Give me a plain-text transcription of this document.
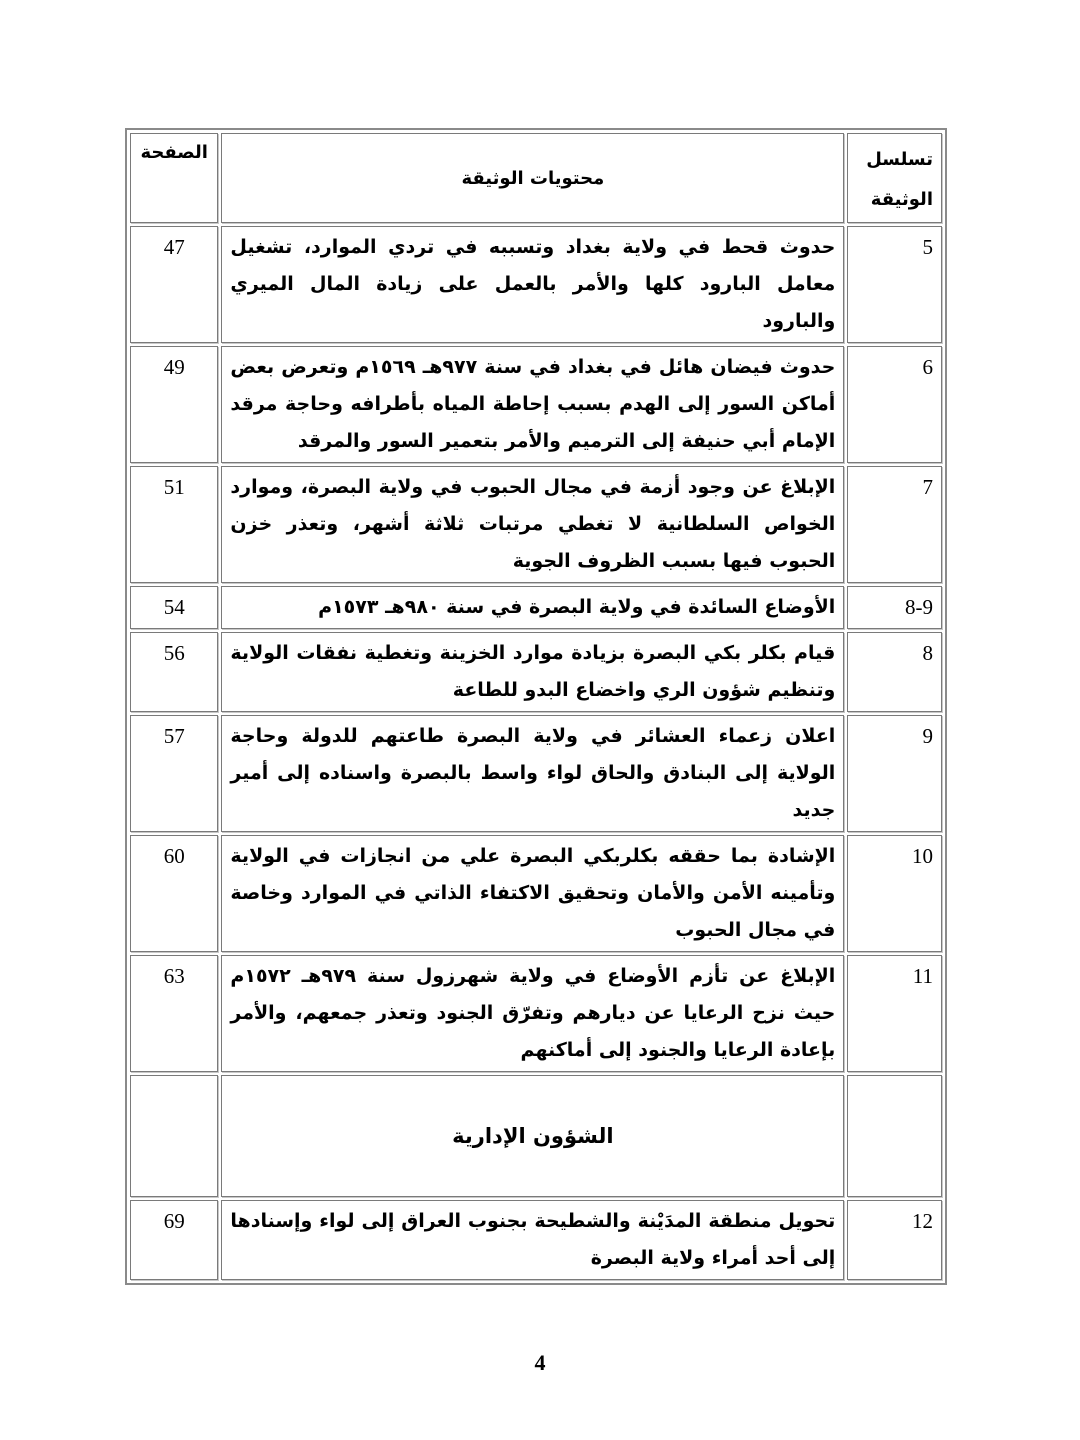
تسلسل الوثيقة	محتويات الوثيقة	الصفحة
5	حدوث قحط في ولاية بغداد وتسببه في تردي الموارد، تشغيل معامل البارود كلها والأمر بالعمل على زيادة المال الميري والبارود	47
6	حدوث فيضان هائل في بغداد في سنة ٩٧٧هـ ١٥٦٩م وتعرض بعض أماكن السور إلى الهدم بسبب إحاطة المياه بأطرافه وحاجة مرقد الإمام أبي حنيفة إلى الترميم والأمر بتعمير السور والمرقد	49
7	الإبلاغ عن وجود أزمة في مجال الحبوب في ولاية البصرة، وموارد الخواص السلطانية لا تغطي مرتبات ثلاثة أشهر، وتعذر خزن الحبوب فيها بسبب الظروف الجوية	51
8-9	الأوضاع السائدة في ولاية البصرة في سنة ٩٨٠هـ ١٥٧٣م	54
8	قيام بكلر بكي البصرة بزيادة موارد الخزينة وتغطية نفقات الولاية وتنظيم شؤون الري واخضاع البدو للطاعة	56
9	اعلان زعماء العشائر في ولاية البصرة طاعتهم للدولة وحاجة الولاية إلى البنادق والحاق لواء واسط بالبصرة واسناده إلى أمير جديد	57
10	الإشادة بما حققه بكلربكي البصرة علي من انجازات في الولاية وتأمينه الأمن والأمان وتحقيق الاكتفاء الذاتي في الموارد وخاصة في مجال الحبوب	60
11	الإبلاغ عن تأزم الأوضاع في ولاية شهرزول سنة ٩٧٩هـ ١٥٧٢م حيث نزح الرعايا عن ديارهم وتفرّق الجنود وتعذر جمعهم، والأمر بإعادة الرعايا والجنود إلى أماكنهم	63
	الشؤون الإدارية	
12	تحويل منطقة المدَيْنة والشطيحة بجنوب العراق إلى لواء وإسنادها إلى أحد أمراء ولاية البصرة	69
4
